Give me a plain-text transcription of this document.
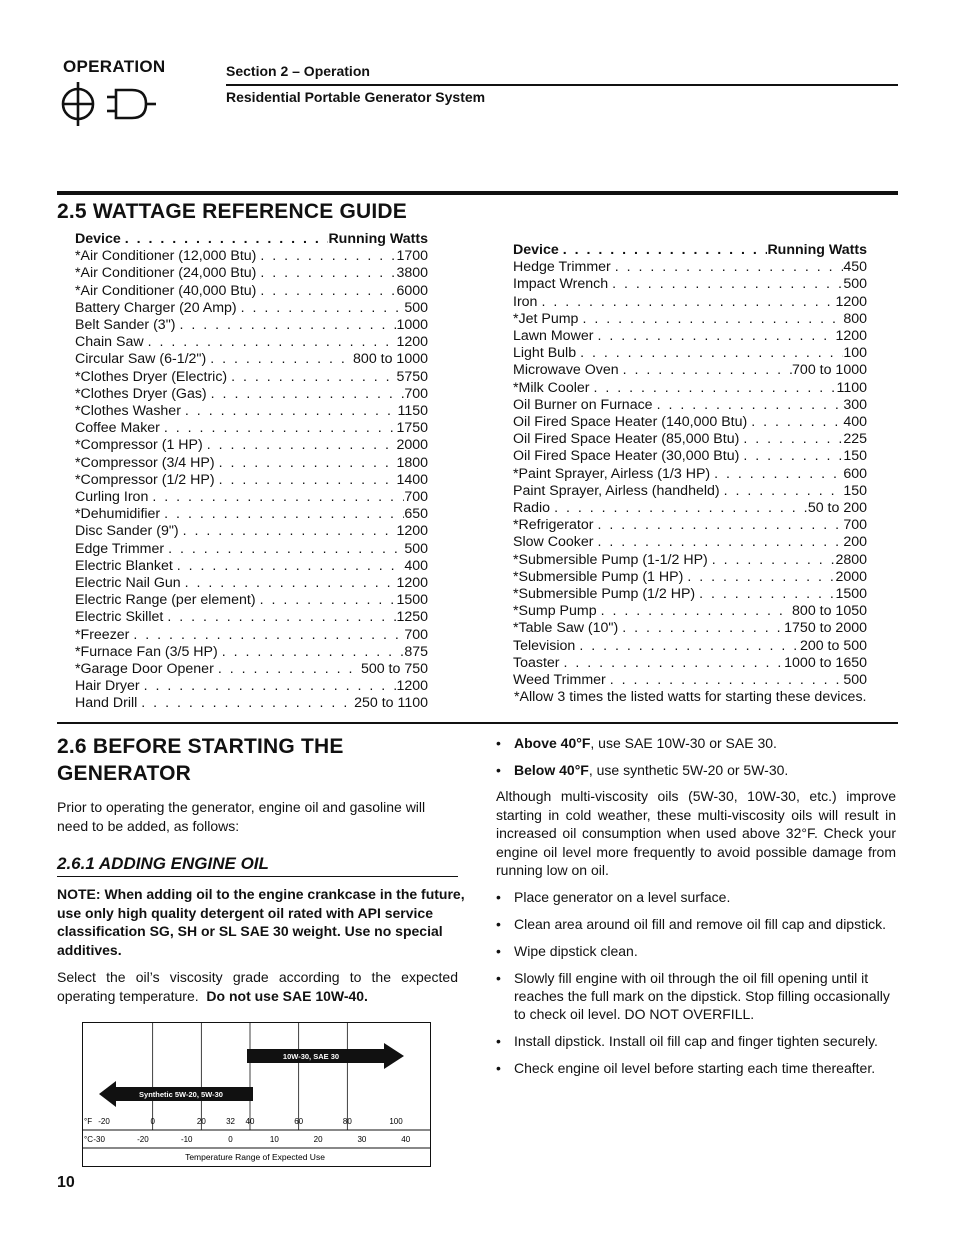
OPERATION	Section 2 – Operation
Residential Portable Generator System
2.5 WATTAGE REFERENCE GUIDE
Device . . .	Running Watts
*Air Conditioner (12,000 Btu) . . .	1700
*Air Conditioner (24,000 Btu) . . .	3800
*Air Conditioner (40,000 Btu) . . .	6000
Battery Charger (20 Amp) . . .	500
Belt Sander (3") . . .	1000
Chain Saw . . .	1200
Circular Saw (6-1/2") . . .	800 to 1000
*Clothes Dryer (Electric) . . .	5750
*Clothes Dryer (Gas) . . .	700
*Clothes Washer . . .	1150
Coffee Maker . . .	1750
*Compressor (1 HP) . . .	2000
*Compressor (3/4 HP) . . .	1800
*Compressor (1/2 HP) . . .	1400
Curling Iron . . .	700
*Dehumidifier . . .	650
Disc Sander (9") . . .	1200
Edge Trimmer . . .	500
Electric Blanket . . .	400
Electric Nail Gun . . .	1200
Electric Range (per element) . . .	1500
Electric Skillet . . .	1250
*Freezer . . .	700
*Furnace Fan (3/5 HP) . . .	875
*Garage Door Opener . . .	500 to 750
Hair Dryer . . .	1200
Hand Drill . . .	250 to 1100
Device . . .	Running Watts
Hedge Trimmer . . .	450
Impact Wrench . . .	500
Iron . . .	1200
*Jet Pump . . .	800
Lawn Mower . . .	1200
Light Bulb . . .	100
Microwave Oven . . .	700 to 1000
*Milk Cooler . . .	1100
Oil Burner on Furnace . . .	300
Oil Fired Space Heater (140,000 Btu) . . .	400
Oil Fired Space Heater (85,000 Btu) . . .	225
Oil Fired Space Heater (30,000 Btu) . . .	150
*Paint Sprayer, Airless (1/3 HP) . . .	600
Paint Sprayer, Airless (handheld) . . .	150
Radio . . .	50 to 200
*Refrigerator . . .	700
Slow Cooker . . .	200
*Submersible Pump (1-1/2 HP) . . .	2800
*Submersible Pump (1 HP) . . .	2000
*Submersible Pump (1/2 HP) . . .	1500
*Sump Pump . . .	800 to 1050
*Table Saw (10") . . .	1750 to 2000
Television . . .	200 to 500
Toaster . . .	1000 to 1650
Weed Trimmer . . .	500
*Allow 3 times the listed watts for starting these devices.
2.6 BEFORE STARTING THE
GENERATOR
Prior to operating the generator, engine oil and gasoline will need to be added, as follows:
2.6.1 ADDING ENGINE OIL
NOTE: When adding oil to the engine crankcase in the future,
use only high quality detergent oil rated with API service
classification SG, SH or SL SAE 30 weight. Use no special
additives.
Select the oil’s viscosity grade according to the expected operating temperature. Do not use SAE 10W-40.
10W-30, SAE 30
Synthetic 5W-20, 5W-30
°F
°C
-20	0	20	32 40	60	80	100
-30	-20	-10	0	10	20	30	40
Temperature Range of Expected Use
• Above 40°F, use SAE 10W-30 or SAE 30.
• Below 40°F, use synthetic 5W-20 or 5W-30.
Although multi-viscosity oils (5W-30, 10W-30, etc.) improve starting in cold weather, these multi-viscosity oils will result in increased oil consumption when used above 32°F. Check your engine oil level more frequently to avoid possible damage from running low on oil.
• Place generator on a level surface.
• Clean area around oil fill and remove oil fill cap and dipstick.
• Wipe dipstick clean.
• Slowly fill engine with oil through the oil fill opening until it reaches the full mark on the dipstick. Stop filling occasionally to check oil level. DO NOT OVERFILL.
• Install dipstick. Install oil fill cap and finger tighten securely.
• Check engine oil level before starting each time thereafter.
10
